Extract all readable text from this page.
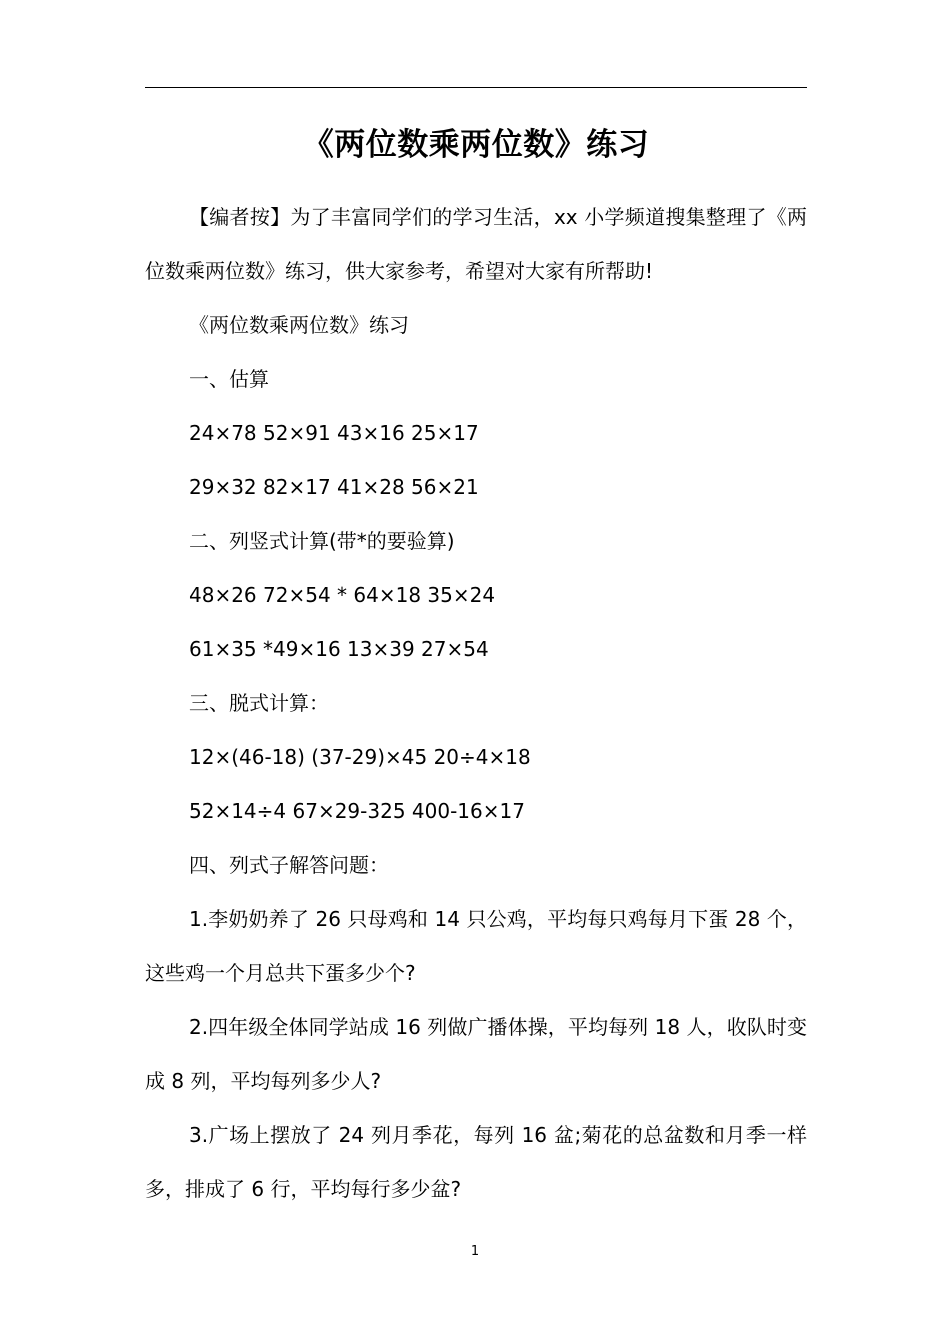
《两位数乘两位数》练习

【编者按】为了丰富同学们的学习生活，xx 小学频道搜集整理了《两位数乘两位数》练习，供大家参考，希望对大家有所帮助!

《两位数乘两位数》练习

一、估算

24×78 52×91 43×16 25×17

29×32 82×17 41×28 56×21

二、列竖式计算(带*的要验算)

48×26 72×54 * 64×18 35×24

61×35 *49×16 13×39 27×54

三、脱式计算：

12×(46-18) (37-29)×45 20÷4×18

52×14÷4 67×29-325 400-16×17

四、列式子解答问题：

1.李奶奶养了 26 只母鸡和 14 只公鸡，平均每只鸡每月下蛋 28 个，这些鸡一个月总共下蛋多少个?

2.四年级全体同学站成 16 列做广播体操，平均每列 18 人，收队时变成 8 列，平均每列多少人?

3.广场上摆放了 24 列月季花，每列 16 盆;菊花的总盆数和月季一样多，排成了 6 行，平均每行多少盆?

1
